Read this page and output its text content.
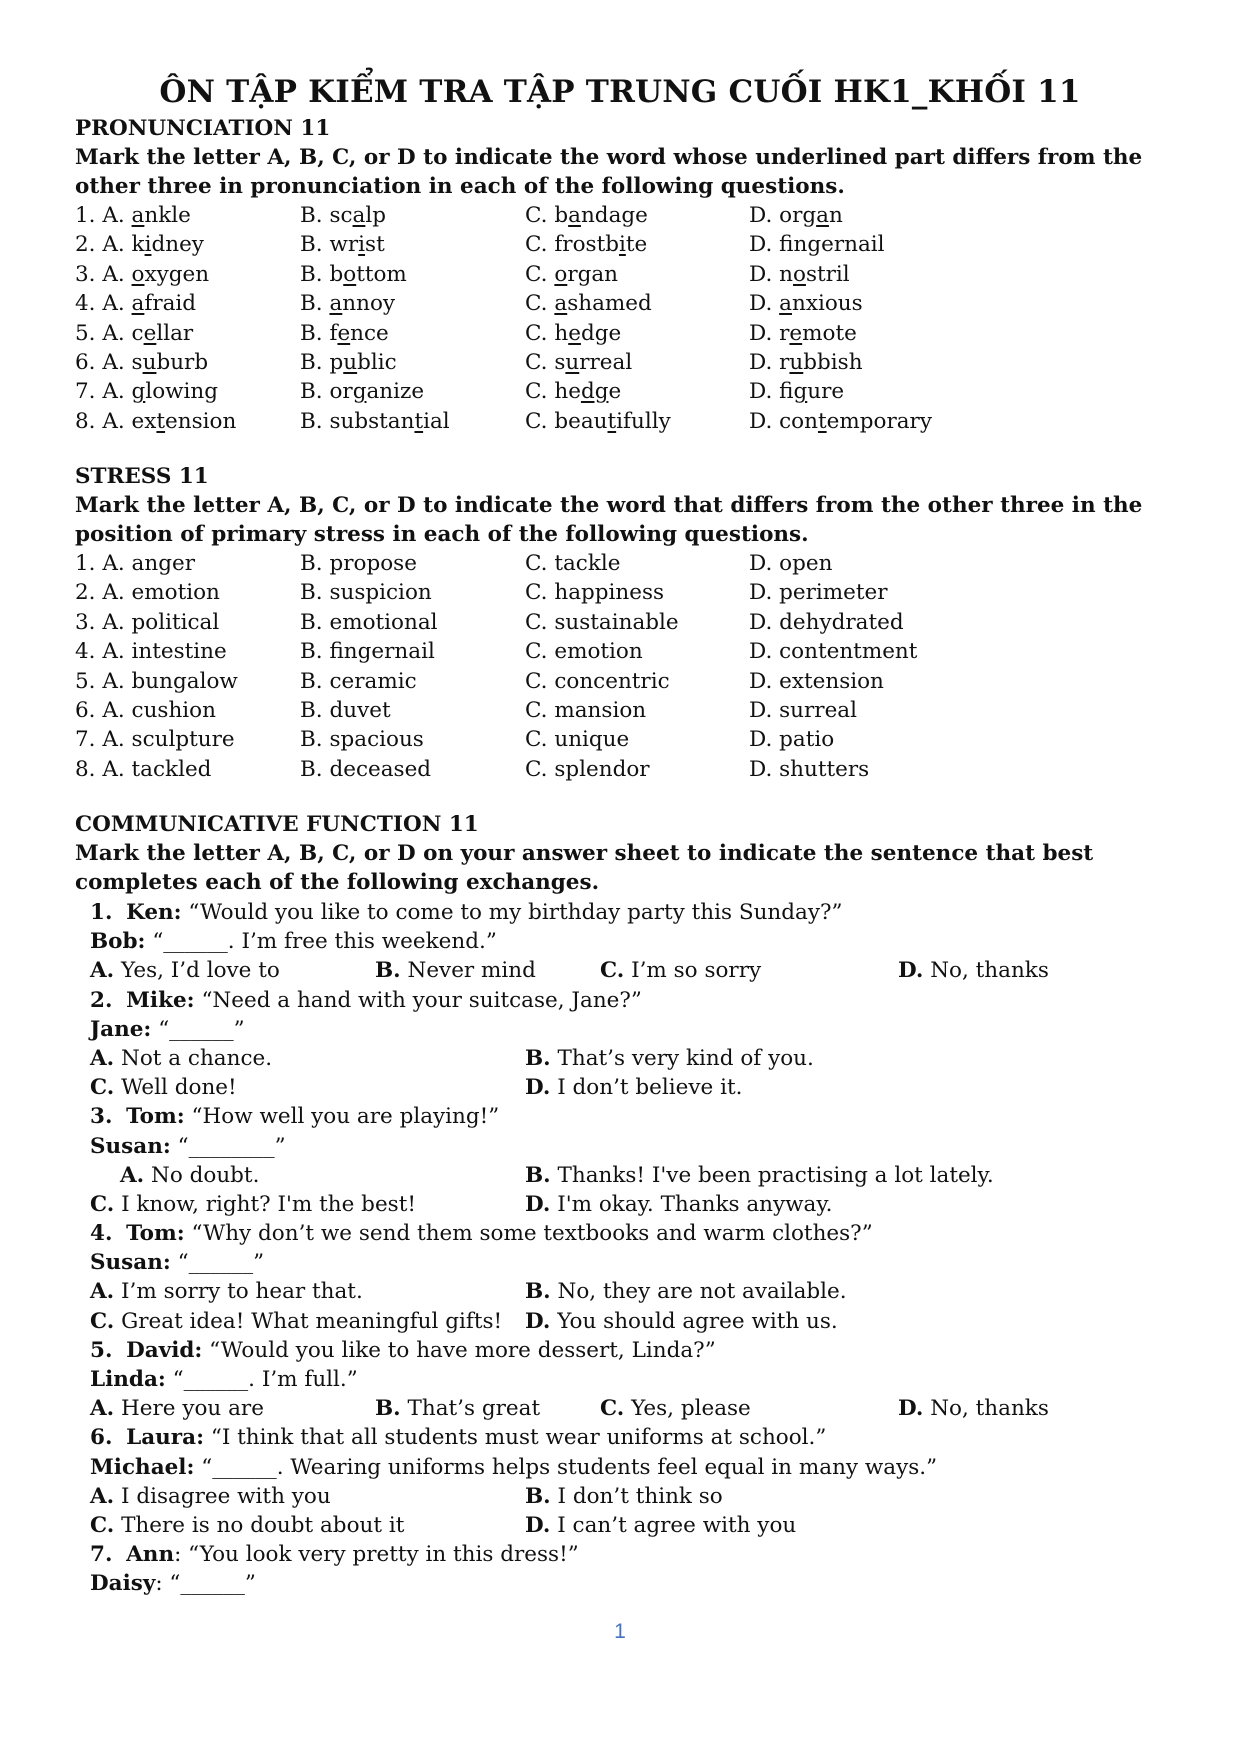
ÔN TẬP KIỂM TRA TẬP TRUNG CUỐI HK1_KHỐI 11
PRONUNCIATION 11
Mark the letter A, B, C, or D to indicate the word whose underlined part differs from the other three in pronunciation in each of the following questions.
1. A. ankle	B. scalp	C. bandage	D. organ
2. A. kidney	B. wrist	C. frostbite	D. fngernail
3. A. oxygen	B. bottom	C. organ	D. nostril
4. A. afraid	B. annoy	C. ashamed	D. anxious
5. A. cellar	B. fence	C. hedge	D. remote
6. A. suburb	B. public	C. surreal	D. rubbish
7. A. glowing	B. organize	C. hedge	D. figure
8. A. extension	B. substantial	C. beautifully	D. contemporary
STRESS 11
Mark the letter A, B, C, or D to indicate the word that differs from the other three in the position of primary stress in each of the following questions.
1. A. anger	B. propose	C. tackle	D. open
2. A. emotion	B. suspicion	C. happiness	D. perimeter
3. A. political	B. emotional	C. sustainable	D. dehydrated
4. A. intestine	B. fingernail	C. emotion	D. contentment
5. A. bungalow	B. ceramic	C. concentric	D. extension
6. A. cushion	B. duvet	C. mansion	D. surreal
7. A. sculpture	B. spacious	C. unique	D. patio
8. A. tackled	B. deceased	C. splendor	D. shutters
COMMUNICATIVE FUNCTION 11
Mark the letter A, B, C, or D on your answer sheet to indicate the sentence that best completes each of the following exchanges.
1. Ken: “Would you like to come to my birthday party this Sunday?”
Bob: “______. I’m free this weekend.”
A. Yes, I’d love to	B. Never mind	C. I’m so sorry	D. No, thanks
2. Mike: “Need a hand with your suitcase, Jane?”
Jane: “______”
A. Not a chance.	B. That’s very kind of you.
C. Well done!	D. I don’t believe it.
3. Tom: “How well you are playing!”
Susan: “________”
A. No doubt.	B. Thanks! I've been practising a lot lately.
C. I know, right? I'm the best!	D. I'm okay. Thanks anyway.
4. Tom: “Why don’t we send them some textbooks and warm clothes?”
Susan: “______”
A. I’m sorry to hear that.	B. No, they are not available.
C. Great idea! What meaningful gifts! D. You should agree with us.
5. David: “Would you like to have more dessert, Linda?”
Linda: “______. I’m full.”
A. Here you are	B. That’s great	C. Yes, please	D. No, thanks
6. Laura: “I think that all students must wear uniforms at school.”
Michael: “______. Wearing uniforms helps students feel equal in many ways.”
A. I disagree with you	B. I don’t think so
C. There is no doubt about it	D. I can’t agree with you
7. Ann: “You look very pretty in this dress!”
Daisy: “______”
1
